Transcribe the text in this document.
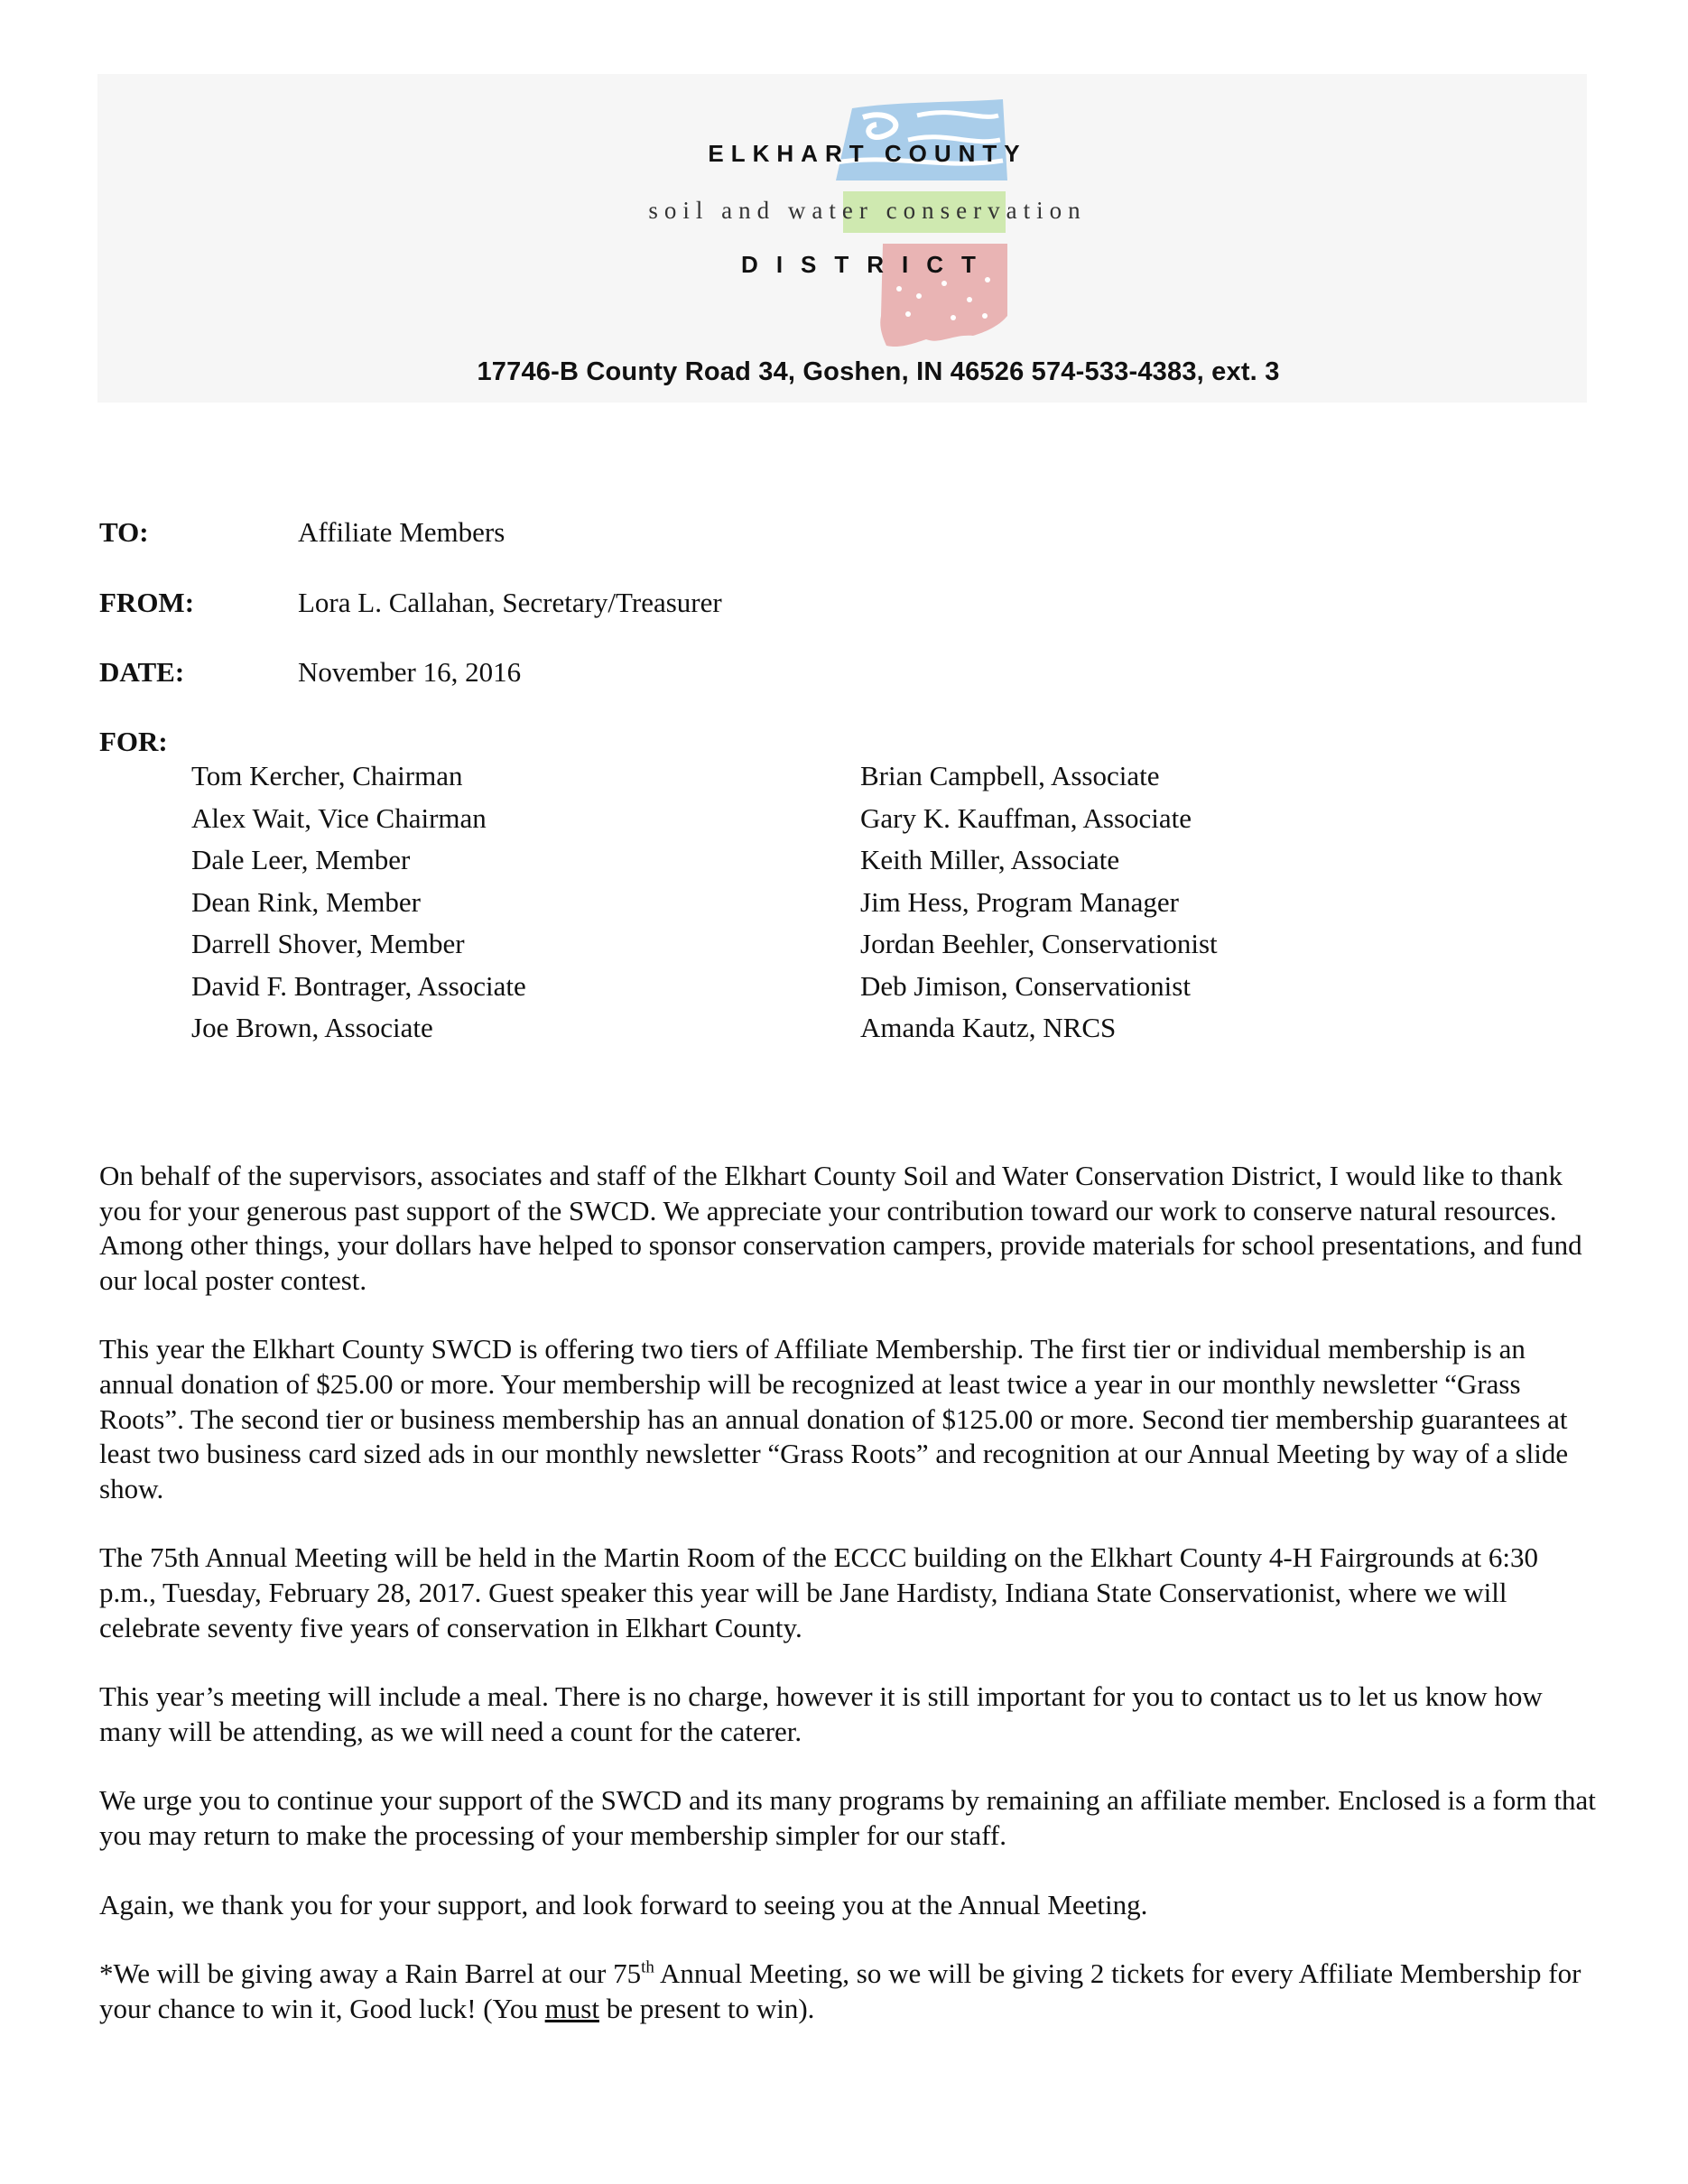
ELKHART COUNTY
soil and water conservation
DISTRICT
17746-B County Road 34, Goshen, IN 46526 574-533-4383, ext. 3
TO:	Affiliate Members
FROM:	Lora L. Callahan, Secretary/Treasurer
DATE:	November 16, 2016
FOR:
Tom Kercher, Chairman
Alex Wait, Vice Chairman
Dale Leer, Member
Dean Rink, Member
Darrell Shover, Member
David F. Bontrager, Associate
Joe Brown, Associate
Brian Campbell, Associate
Gary K. Kauffman, Associate
Keith Miller, Associate
Jim Hess, Program Manager
Jordan Beehler, Conservationist
Deb Jimison, Conservationist
Amanda Kautz, NRCS

On behalf of the supervisors, associates and staff of the Elkhart County Soil and Water Conservation District, I would like to thank you for your generous past support of the SWCD. We appreciate your contribution toward our work to conserve natural resources. Among other things, your dollars have helped to sponsor conservation campers, provide materials for school presentations, and fund our local poster contest.

This year the Elkhart County SWCD is offering two tiers of Affiliate Membership. The first tier or individual membership is an annual donation of $25.00 or more. Your membership will be recognized at least twice a year in our monthly newsletter “Grass Roots”. The second tier or business membership has an annual donation of $125.00 or more. Second tier membership guarantees at least two business card sized ads in our monthly newsletter “Grass Roots” and recognition at our Annual Meeting by way of a slide show.

The 75th Annual Meeting will be held in the Martin Room of the ECCC building on the Elkhart County 4-H Fairgrounds at 6:30 p.m., Tuesday, February 28, 2017. Guest speaker this year will be Jane Hardisty, Indiana State Conservationist, where we will celebrate seventy five years of conservation in Elkhart County.

This year’s meeting will include a meal. There is no charge, however it is still important for you to contact us to let us know how many will be attending, as we will need a count for the caterer.

We urge you to continue your support of the SWCD and its many programs by remaining an affiliate member. Enclosed is a form that you may return to make the processing of your membership simpler for our staff.

Again, we thank you for your support, and look forward to seeing you at the Annual Meeting.

*We will be giving away a Rain Barrel at our 75th Annual Meeting, so we will be giving 2 tickets for every Affiliate Membership for your chance to win it, Good luck! (You must be present to win).
